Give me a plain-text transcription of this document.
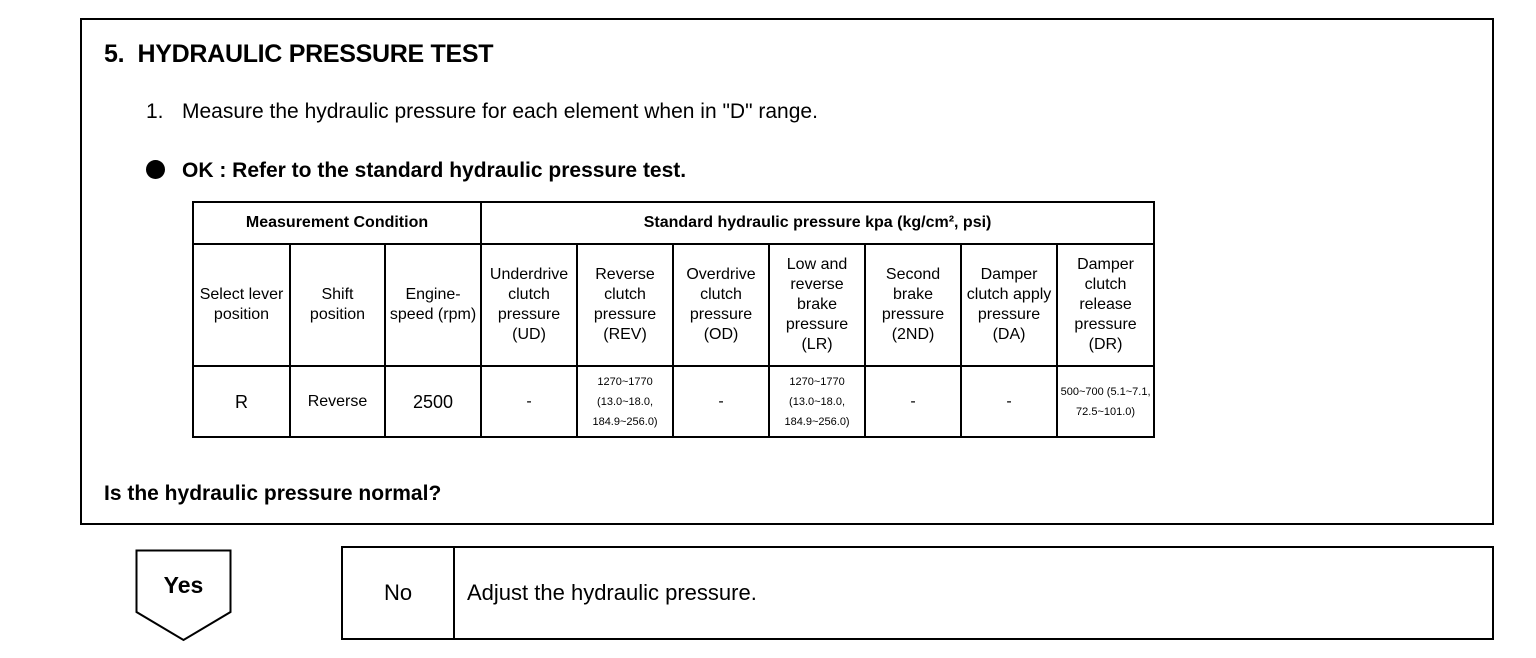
5. HYDRAULIC PRESSURE TEST
1. Measure the hydraulic pressure for each element when in "D" range.
OK : Refer to the standard hydraulic pressure test.
Measurement Condition			Standard hydraulic pressure kpa (kg/cm², psi)						
Select lever position	Shift position	Engine-speed (rpm)	Underdrive clutch pressure (UD)	Reverse clutch pressure (REV)	Overdrive clutch pressure (OD)	Low and reverse brake pressure (LR)	Second brake pressure (2ND)	Damper clutch apply pressure (DA)	Damper clutch release pressure (DR)
R	Reverse	2500	-	1270~1770 (13.0~18.0, 184.9~256.0)	-	1270~1770 (13.0~18.0, 184.9~256.0)	-	-	500~700 (5.1~7.1, 72.5~101.0)
Is the hydraulic pressure normal?
Yes	No	Adjust the hydraulic pressure.
